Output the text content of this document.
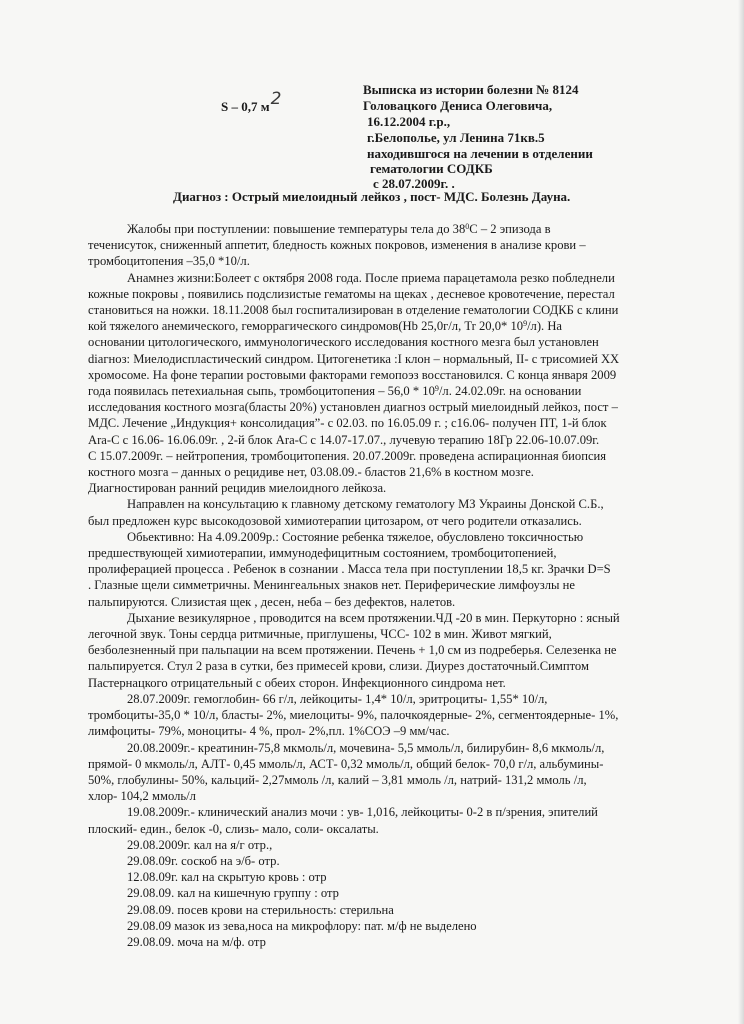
S – 0,7 м2	Выписка из истории болезни № 8124
Головацкого Дениса Олеговича,
16.12.2004 г.р.,
г.Белополье, ул Ленина 71кв.5
находившгося на лечении в отделении
гематологии СОДКБ
с 28.07.2009г. .
Диагноз : Острый миелоидный лейкоз , пост- МДС. Болезнь Дауна.
Жалобы при поступлении: повышение температуры тела до $38^0С - 2$ эпизода в
теченисуток, сниженный аппетит, бледность кожных покровов, изменения в анализе крови –
тромбоцитопения –35,0 *10/л.
Анамнез жизни:Болеет с октября 2008 года. После приема парацетамола резко побледнели
кожные покровы , появились подслизистые гематомы на щеках , десневое кровотечение, перестал
становиться на ножки. 18.11.2008 был госпитализирован в отделение гематологии СОДКБ с клини
кой тяжелого анемического, геморрагического синдромов(Hb 25,0г/л, Tr 20,0* $10^9/л$). На
основании цитологического, иммунологического исследования костного мезга был установлен
diагноз: Миелодиспластический синдром. Цитогенетика :I клон – нормальный, II- с трисомией XX
хромосоме. На фоне терапии ростовыми факторами гемопоэз восстановился. С конца января 2009
года появилась петехиальная сыпь, тромбоцитопения – $56,0 * 10^9/л$. 24.02.09г. на основании
исследования костного мозга(бласты 20%) установлен диагноз острый миелоидный лейкоз, пост –
МДС. Лечение „Индукция+ консолидация”- с 02.03. по 16.05.09 г. ; с16.06- получен ПТ, 1-й блок
Ara-С с 16.06- 16.06.09г. , 2-й блок Ara-С с 14.07-17.07., лучевую терапию 18Гр 22.06-10.07.09г.
С 15.07.2009г. – нейтропения, тромбоцитопения. 20.07.2009г. проведена аспирационная биопсия
костного мозга – данных о рецидиве нет, 03.08.09.- бластов 21,6% в костном мозге.
Диагностирован ранний рецидив миелоидного лейкоза.
Направлен на консультацию к главному детскому гематологу МЗ Украины Донской С.Б.,
был предложен курс высокодозовой химиотерапии цитозаром, от чего родители отказались.
Обьективно: На 4.09.2009р.: Состояние ребенка тяжелое, обусловлено токсичностью
предшествующей химиотерапии, иммунодефицитным состоянием, тромбоцитопенией,
пролиферацией процесса . Ребенок в сознании . Масса тела при поступлении 18,5 кг. Зрачки D=S
. Глазные щели симметричны. Менингеальных знаков нет. Периферические лимфоузлы не
пальпируются. Слизистая щек , десен, неба – без дефектов, налетов.
Дыхание везикулярное , проводится на всем протяжении.ЧД -20 в мин. Перкуторно : ясный
легочной звук. Тоны сердца ритмичные, приглушены, ЧСС- 102 в мин. Живот мягкий,
безболезненный при пальпации на всем протяжении. Печень + 1,0 см из подреберья. Селезенка не
пальпируется. Стул 2 раза в сутки, без примесей крови, слизи. Диурез достаточный.Симптом
Пастернацкого отрицательный с обеих сторон. Инфекционного синдрома нет.
28.07.2009г. гемоглобин- 66 г/л, лейкоциты- 1,4* 10/л, эритроциты- 1,55* 10/л,
тромбоциты-35,0 * 10/л, бласты- 2%, миелоциты- 9%, палочкоядерные- 2%, сегментоядерные- 1%,
лимфоциты- 79%, моноциты- 4 %, прол- 2%,пл. 1%СОЭ –9 мм/час.
20.08.2009г.- креатинин-75,8 мкмоль/л, мочевина- 5,5 ммоль/л, билирубин- 8,6 мкмоль/л,
прямой- 0 мкмоль/л, АЛТ- 0,45 ммоль/л, АСТ- 0,32 ммоль/л, общий белок- 70,0 г/л, альбумины-
50%, глобулины- 50%, кальций- 2,27ммоль /л, калий – 3,81 ммоль /л, натрий- 131,2 ммоль /л,
хлор- 104,2 ммоль/л
19.08.2009г.- клинический анализ мочи : ув- 1,016, лейкоциты- 0-2 в п/зрения, эпителий
плоский- един., белок -0, слизь- мало, соли- оксалаты.
29.08.2009г. кал на я/г отр.,
29.08.09г. соскоб на э/б- отр.
12.08.09г. кал на скрытую кровь : отр
29.08.09. кал на кишечную группу : отр
29.08.09. посев крови на стерильность: стерильна
29.08.09 мазок из зева,носа на микрофлору: пат. м/ф не выделено
29.08.09. моча на м/ф. отр
